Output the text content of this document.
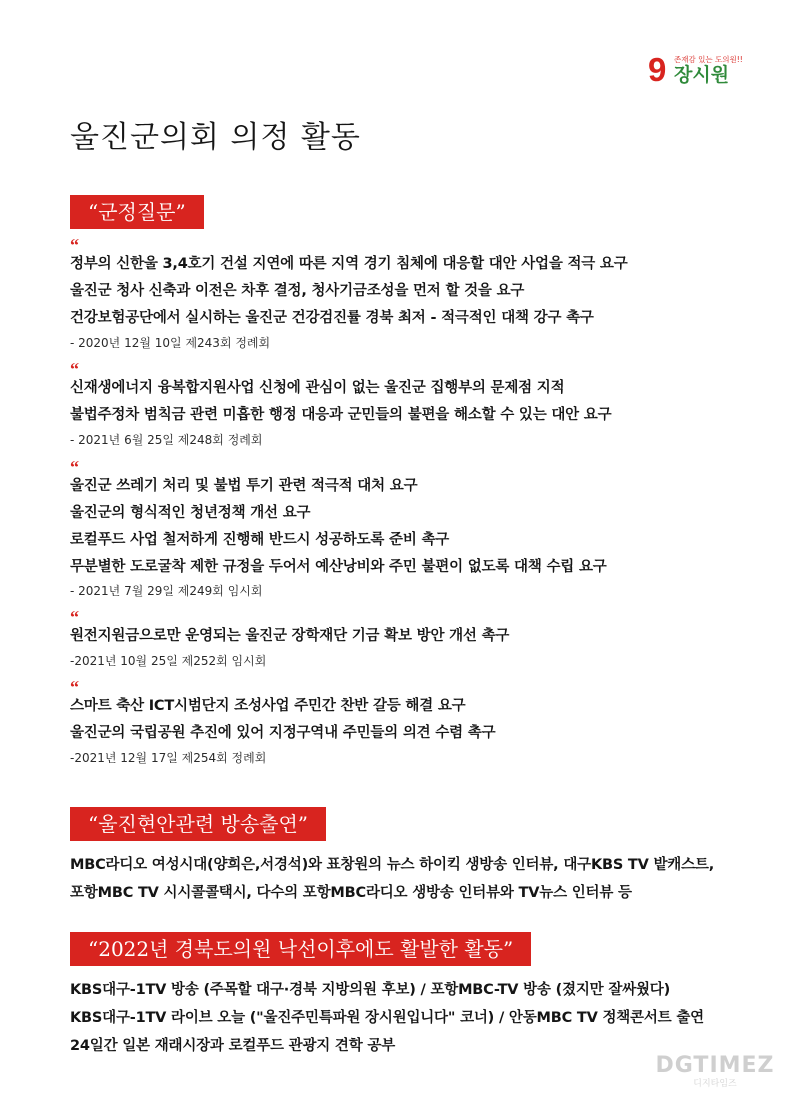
9 존재감 있는 도의원!!
장시원
울진군의회 의정 활동
“군정질문”
“
정부의 신한울 3,4호기 건설 지연에 따른 지역 경기 침체에 대응할 대안 사업을 적극 요구
울진군 청사 신축과 이전은 차후 결정, 청사기금조성을 먼저 할 것을 요구
건강보험공단에서 실시하는 울진군 건강검진률 경북 최저 - 적극적인 대책 강구 촉구
- 2020년 12월 10일 제243회 정례회
“
신재생에너지 융복합지원사업 신청에 관심이 없는 울진군 집행부의 문제점 지적
불법주정차 범칙금 관련 미흡한 행정 대응과 군민들의 불편을 해소할 수 있는 대안 요구
- 2021년 6월 25일 제248회 정례회
“
울진군 쓰레기 처리 및 불법 투기 관련 적극적 대처 요구
울진군의 형식적인 청년정책 개선 요구
로컬푸드 사업 철저하게 진행해 반드시 성공하도록 준비 촉구
무분별한 도로굴착 제한 규정을 두어서 예산낭비와 주민 불편이 없도록 대책 수립 요구
- 2021년 7월 29일 제249회 임시회
“
원전지원금으로만 운영되는 울진군 장학재단 기금 확보 방안 개선 촉구
-2021년 10월 25일 제252회 임시회
“
스마트 축산 ICT시범단지 조성사업 주민간 찬반 갈등 해결 요구
울진군의 국립공원 추진에 있어 지정구역내 주민들의 의견 수렴 촉구
-2021년 12월 17일 제254회 정례회
“울진현안관련 방송출연”
MBC라디오 여성시대(양희은,서경석)와 표창원의 뉴스 하이킥 생방송 인터뷰, 대구KBS TV 밭캐스트,
포항MBC TV 시시콜콜택시, 다수의 포항MBC라디오 생방송 인터뷰와 TV뉴스 인터뷰 등
“2022년 경북도의원 낙선이후에도 활발한 활동”
KBS대구-1TV 방송 (주목할 대구·경북 지방의원 후보) / 포항MBC-TV 방송 (졌지만 잘싸웠다)
KBS대구-1TV 라이브 오늘 ("울진주민특파원 장시원입니다" 코너) / 안동MBC TV 정책콘서트 출연
24일간 일본 재래시장과 로컬푸드 관광지 견학 공부
DGTIMEZ
디지타임즈
